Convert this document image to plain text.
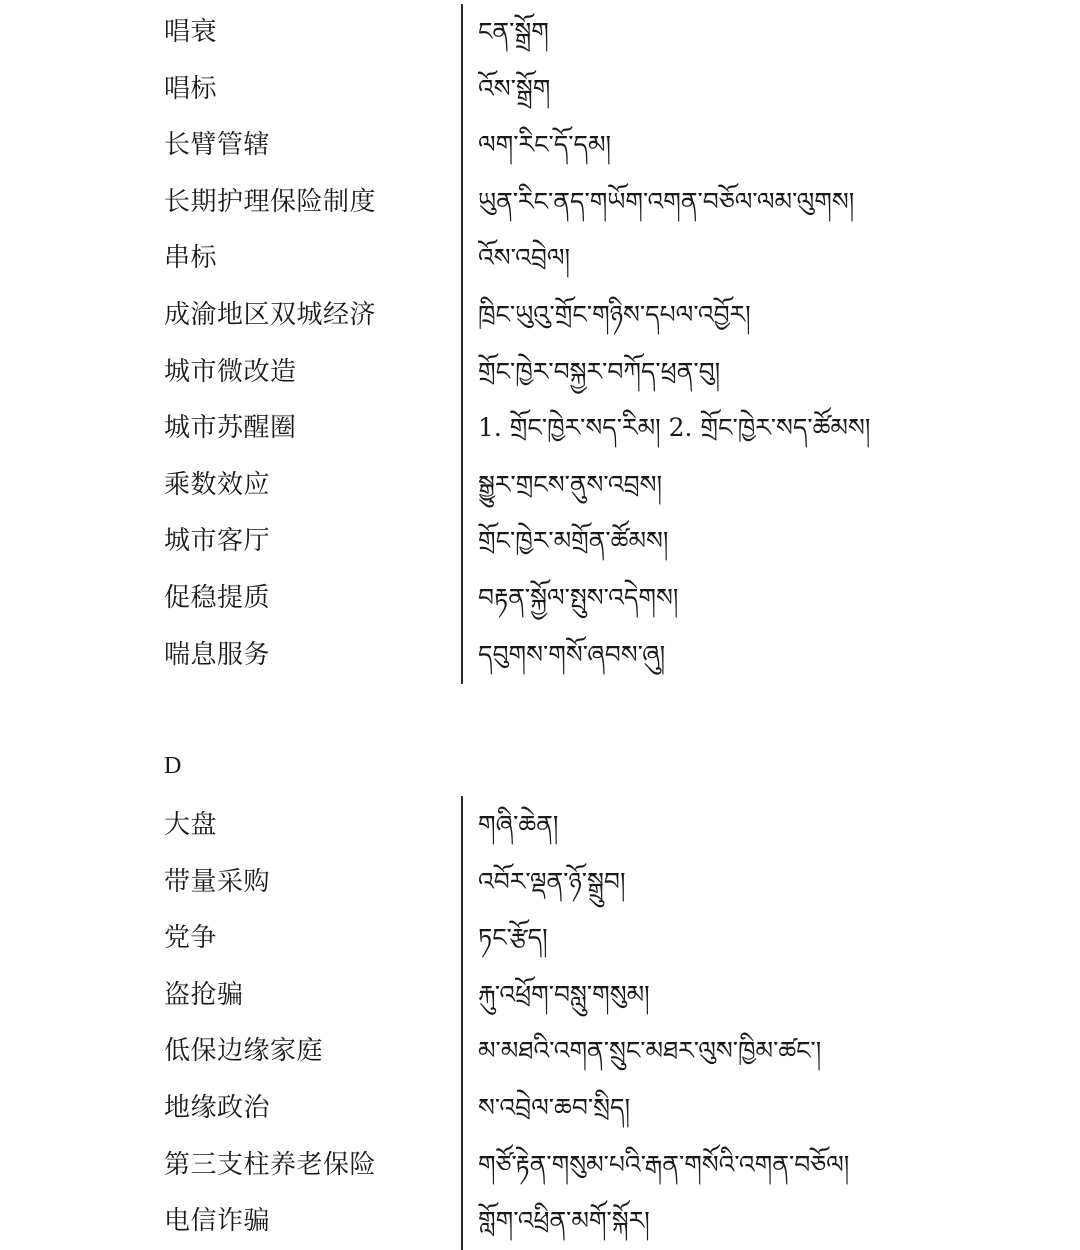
唱衰	ངན་སྒྲོག
唱标	འོས་སྒྲོག
长臂管辖	ལག་རིང་དོ་དམ།
长期护理保险制度	ཡུན་རིང་ནད་གཡོག་འགན་བཅོལ་ལམ་ལུགས།
串标	འོས་འབྲེལ།
成渝地区双城经济	ཁྲིང་ཡུའུ་གྲོང་གཉིས་དཔལ་འབྱོར།
城市微改造	གྲོང་ཁྱེར་བསྐྱར་བཀོད་ཕྲན་བུ།
城市苏醒圈	1. གྲོང་ཁྱེར་སད་རིམ། 2. གྲོང་ཁྱེར་སད་ཚོམས།
乘数效应	སྒྱུར་གྲངས་ནུས་འབྲས།
城市客厅	གྲོང་ཁྱེར་མགྲོན་ཚོམས།
促稳提质	བརྟན་སྐྱོལ་སྤུས་འདེགས།
喘息服务	དབུགས་གསོ་ཞབས་ཞུ།
D
大盘	གཞི་ཆེན།
带量采购	འབོར་ལྡན་ཉོ་སྒྲུབ།
党争	ཏང་རྩོད།
盗抢骗	རྐུ་འཕྲོག་བསླུ་གསུམ།
低保边缘家庭	མ་མཐའི་འགན་སྲུང་མཐར་ལུས་ཁྱིམ་ཚང་།
地缘政治	ས་འབྲེལ་ཆབ་སྲིད།
第三支柱养老保险	གཙོ་རྟེན་གསུམ་པའི་རྒན་གསོའི་འགན་བཅོལ།
电信诈骗	གློག་འཕྲིན་མགོ་སྐོར།
